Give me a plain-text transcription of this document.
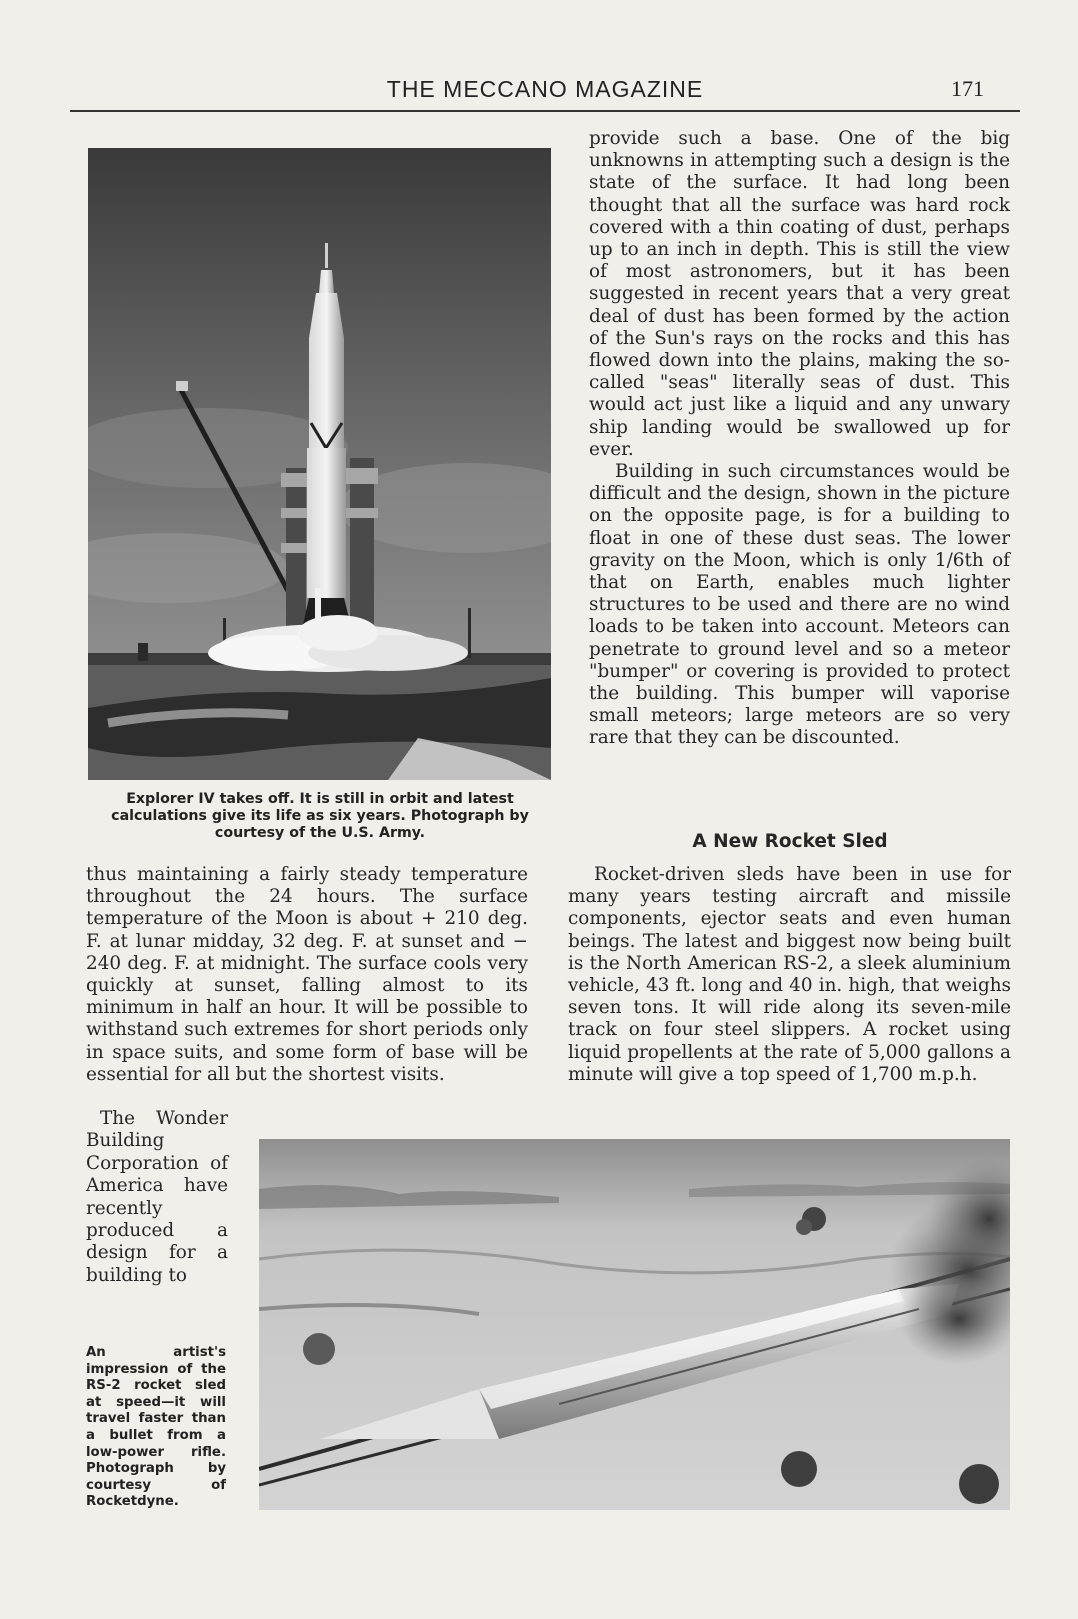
THE MECCANO MAGAZINE	171
Explorer IV takes off. It is still in orbit and latest calculations give its life as six years. Photograph by courtesy of the U.S. Army.

provide such a base. One of the big unknowns in attempting such a design is the state of the surface. It had long been thought that all the surface was hard rock covered with a thin coating of dust, perhaps up to an inch in depth. This is still the view of most astronomers, but it has been suggested in recent years that a very great deal of dust has been formed by the action of the Sun's rays on the rocks and this has flowed down into the plains, making the so-called "seas" literally seas of dust. This would act just like a liquid and any unwary ship landing would be swallowed up for ever.

Building in such circumstances would be difficult and the design, shown in the picture on the opposite page, is for a building to float in one of these dust seas. The lower gravity on the Moon, which is only 1/6th of that on Earth, enables much lighter structures to be used and there are no wind loads to be taken into account. Meteors can penetrate to ground level and so a meteor "bumper" or covering is provided to protect the building. This bumper will vaporise small meteors; large meteors are so very rare that they can be discounted.

A New Rocket Sled

Rocket-driven sleds have been in use for many years testing aircraft and missile components, ejector seats and even human beings. The latest and biggest now being built is the North American RS-2, a sleek aluminium vehicle, 43 ft. long and 40 in. high, that weighs seven tons. It will ride along its seven-mile track on four steel slippers. A rocket using liquid propellents at the rate of 5,000 gallons a minute will give a top speed of 1,700 m.p.h.

thus maintaining a fairly steady temperature throughout the 24 hours. The surface temperature of the Moon is about + 210 deg. F. at lunar midday, 32 deg. F. at sunset and − 240 deg. F. at midnight. The surface cools very quickly at sunset, falling almost to its minimum in half an hour. It will be possible to withstand such extremes for short periods only in space suits, and some form of base will be essential for all but the shortest visits.

The Wonder Building Corporation of America have recently produced a design for a building to
An artist's impression of the RS-2 rocket sled at speed—it will travel faster than a bullet from a low-power rifle. Photograph by courtesy of Rocketdyne.
